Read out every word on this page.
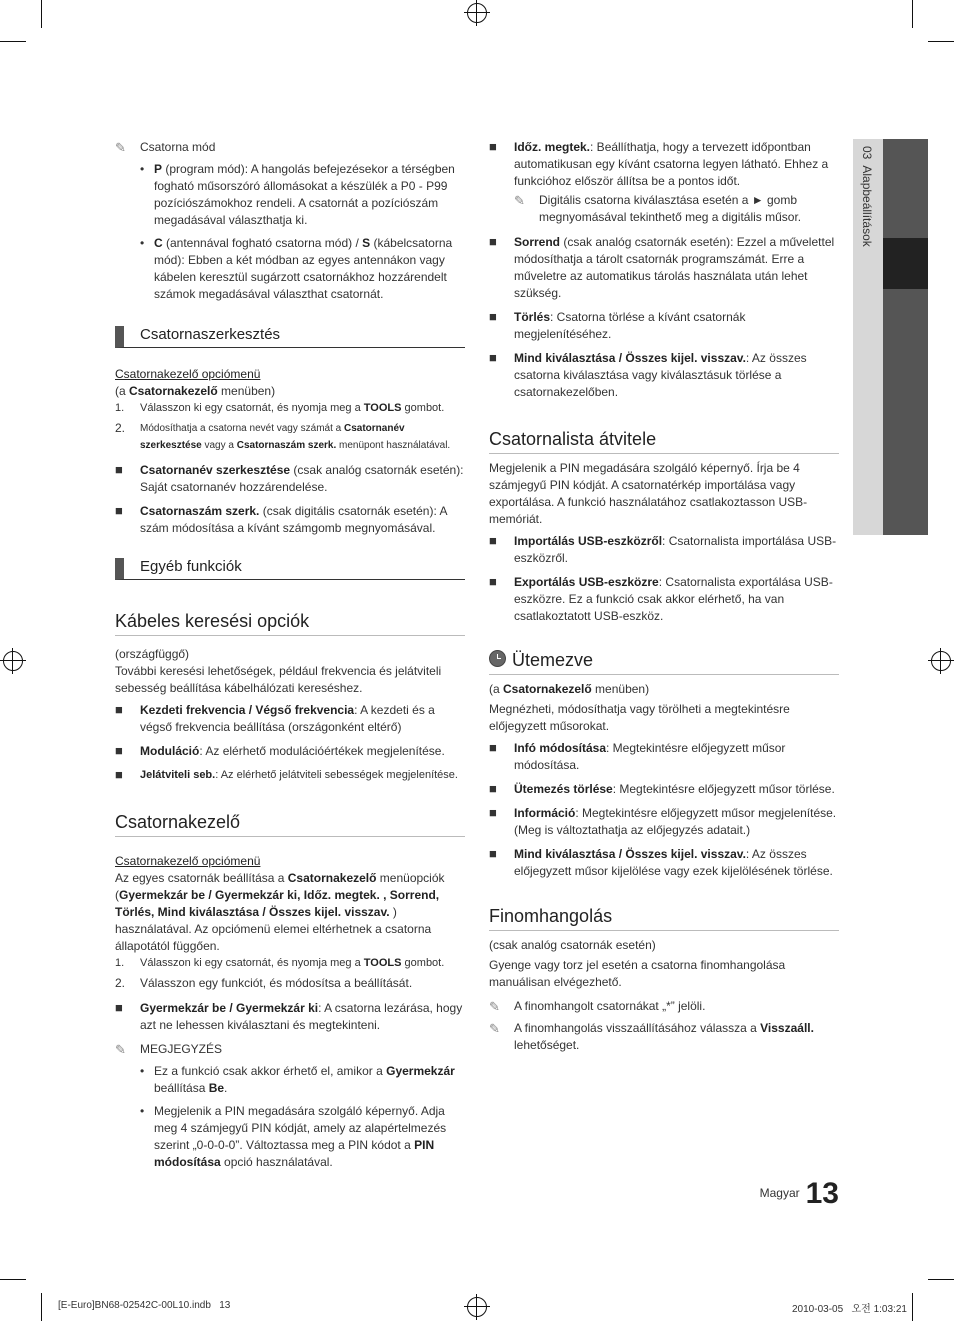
03  Alapbeállítások
✎ Csatorna mód
• P (program mód): A hangolás befejezésekor a térségben fogható műsorszóró állomásokat a készülék a P0 - P99 pozíciószámokhoz rendeli. A csatornát a pozíciószám megadásával választhatja ki.
• C (antennával fogható csatorna mód) / S (kábelcsatorna mód): Ebben a két módban az egyes antennákon vagy kábelen keresztül sugárzott csatornákhoz hozzárendelt számok megadásával választhat csatornát.
Csatornaszerkesztés

Csatornakezelő opciómenü

(a Csatornakezelő menüben)

1. Válasszon ki egy csatornát, és nyomja meg a TOOLS gombot.
2. Módosíthatja a csatorna nevét vagy számát a Csatornanév szerkesztése vagy a Csatornaszám szerk. menüpont használatával.
■ Csatornanév szerkesztése (csak analóg csatornák esetén): Saját csatornanév hozzárendelése.
■ Csatornaszám szerk. (csak digitális csatornák esetén): A szám módosítása a kívánt számgomb megnyomásával.
Egyéb funkciók
Kábeles keresési opciók

(országfüggő)

További keresési lehetőségek, például frekvencia és jelátviteli sebesség beállítása kábelhálózati kereséshez.

■ Kezdeti frekvencia / Végső frekvencia: A kezdeti és a végső frekvencia beállítása (országonként eltérő)
■ Moduláció: Az elérhető modulációértékek megjelenítése.
■ Jelátviteli seb.: Az elérhető jelátviteli sebességek megjelenítése.
Csatornakezelő

Csatornakezelő opciómenü

Az egyes csatornák beállítása a Csatornakezelő menüopciók (Gyermekzár be / Gyermekzár ki, Időz. megtek. , Sorrend, Törlés, Mind kiválasztása / Összes kijel. visszav. ) használatával. Az opciómenü elemei eltérhetnek a csatorna állapotától függően.

1. Válasszon ki egy csatornát, és nyomja meg a TOOLS gombot.
2. Válasszon egy funkciót, és módosítsa a beállítását.
■ Gyermekzár be / Gyermekzár ki: A csatorna lezárása, hogy azt ne lehessen kiválasztani és megtekinteni.
✎ MEGJEGYZÉS
• Ez a funkció csak akkor érhető el, amikor a Gyermekzár beállítása Be.
• Megjelenik a PIN megadására szolgáló képernyő. Adja meg 4 számjegyű PIN kódját, amely az alapértelmezés szerint „0-0-0-0”. Változtassa meg a PIN kódot a PIN módosítása opció használatával.
■ Időz. megtek.: Beállíthatja, hogy a tervezett időpontban automatikusan egy kívánt csatorna legyen látható. Ehhez a funkcióhoz először állítsa be a pontos időt.
✎ Digitális csatorna kiválasztása esetén a ► gomb megnyomásával tekinthető meg a digitális műsor.
■ Sorrend (csak analóg csatornák esetén): Ezzel a művelettel módosíthatja a tárolt csatornák programszámát. Erre a műveletre az automatikus tárolás használata után lehet szükség.
■ Törlés: Csatorna törlése a kívánt csatornák megjelenítéséhez.
■ Mind kiválasztása / Összes kijel. visszav.: Az összes csatorna kiválasztása vagy kiválasztásuk törlése a csatornakezelőben.
Csatornalista átvitele

Megjelenik a PIN megadására szolgáló képernyő. Írja be 4 számjegyű PIN kódját. A csatornatérkép importálása vagy exportálása. A funkció használatához csatlakoztasson USB-memóriát.

■ Importálás USB-eszközről: Csatornalista importálása USB-eszközről.
■ Exportálás USB-eszközre: Csatornalista exportálása USB-eszközre. Ez a funkció csak akkor elérhető, ha van csatlakoztatott USB-eszköz.
Ütemezve

(a Csatornakezelő menüben)

Megnézheti, módosíthatja vagy törölheti a megtekintésre előjegyzett műsorokat.

■ Infó módosítása: Megtekintésre előjegyzett műsor módosítása.
■ Ütemezés törlése: Megtekintésre előjegyzett műsor törlése.
■ Információ: Megtekintésre előjegyzett műsor megjelenítése. (Meg is változtathatja az előjegyzés adatait.)
■ Mind kiválasztása / Összes kijel. visszav.: Az összes előjegyzett műsor kijelölése vagy ezek kijelölésének törlése.
Finomhangolás

(csak analóg csatornák esetén)

Gyenge vagy torz jel esetén a csatorna finomhangolása manuálisan elvégezhető.

✎ A finomhangolt csatornákat „*” jelöli.
✎ A finomhangolás visszaállításához válassza a Visszaáll. lehetőséget.
Magyar 13
[E-Euro]BN68-02542C-00L10.indb   13	2010-03-05   오전 1:03:21
